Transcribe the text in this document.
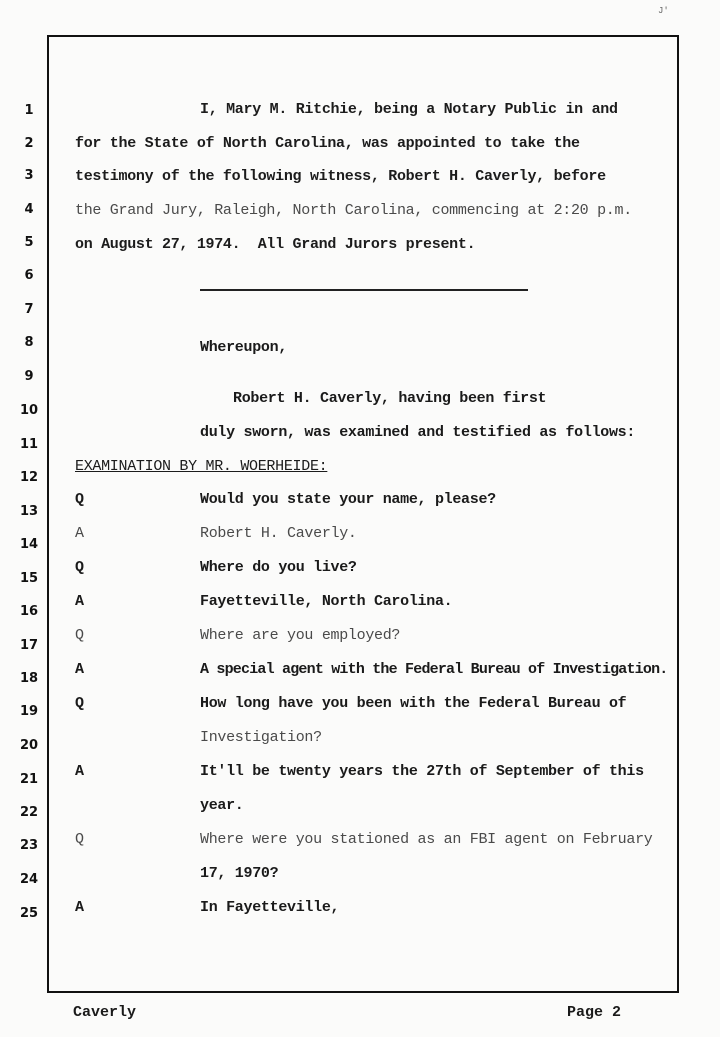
J'
1
2
3
4
5
6
7
8
9
10
11
12
13
14
15
16
17
18
19
20
21
22
23
24
25
I, Mary M. Ritchie, being a Notary Public in and
for the State of North Carolina, was appointed to take the
testimony of the following witness, Robert H. Caverly, before
the Grand Jury, Raleigh, North Carolina, commencing at 2:20 p.m.
on August 27, 1974.  All Grand Jurors present.
Whereupon,
Robert H. Caverly, having been first
duly sworn, was examined and testified as follows:
EXAMINATION BY MR. WOERHEIDE:
Q	Would you state your name, please?
A	Robert H. Caverly.
Q	Where do you live?
A	Fayetteville, North Carolina.
Q	Where are you employed?
A	A special agent with the Federal Bureau of Investigation.
Q	How long have you been with the Federal Bureau of
Investigation?
A	It'll be twenty years the 27th of September of this
year.
Q	Where were you stationed as an FBI agent on February
17, 1970?
A	In Fayetteville,
Caverly	Page 2
